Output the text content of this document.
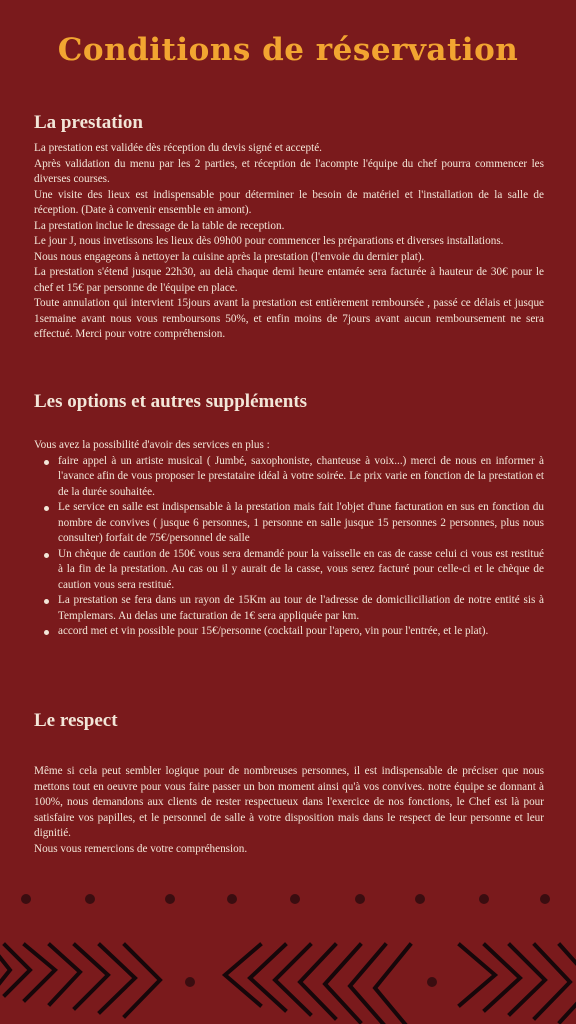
Conditions de réservation
La prestation

La prestation est validée dès réception du devis signé et accepté.

Après validation du menu par les 2 parties, et réception de l'acompte l'équipe du chef pourra commencer les diverses courses.

Une visite des lieux est indispensable pour déterminer le besoin de matériel et l'installation de la salle de réception. (Date à convenir ensemble en amont).

La prestation inclue le dressage de la table de reception.

Le jour J, nous invetissons les lieux dès 09h00 pour commencer les préparations et diverses installations.

Nous nous engageons à nettoyer la cuisine après la prestation (l'envoie du dernier plat).

La prestation s'étend jusque 22h30, au delà chaque demi heure entamée sera facturée à hauteur de 30€ pour le chef et 15€ par personne de l'équipe en place.

Toute annulation qui intervient 15jours avant la prestation est entièrement remboursée , passé ce délais et jusque 1semaine avant nous vous remboursons 50%, et enfin moins de 7jours avant aucun remboursement ne sera effectué. Merci pour votre compréhension.

Les options et autres suppléments

Vous avez la possibilité d'avoir des services en plus :

faire appel à un artiste musical ( Jumbé, saxophoniste, chanteuse à voix...) merci de nous en informer à l'avance afin de vous proposer le prestataire idéal à votre soirée. Le prix varie en fonction de la prestation et de la durée souhaitée.
Le service en salle est indispensable à la prestation mais fait l'objet d'une facturation en sus en fonction du nombre de convives ( jusque 6 personnes, 1 personne en salle jusque 15 personnes 2 personnes, plus nous consulter) forfait de 75€/personnel de salle
Un chèque de caution de 150€ vous sera demandé pour la vaisselle en cas de casse celui ci vous est restitué à la fin de la prestation. Au cas ou il y aurait de la casse, vous serez facturé pour celle-ci et le chèque de caution vous sera restitué.
La prestation se fera dans un rayon de 15Km au tour de l'adresse de domiciliciliation de notre entité sis à Templemars. Au delas une facturation de 1€ sera appliquée par km.
accord met et vin possible pour 15€/personne (cocktail pour l'apero, vin pour l'entrée, et le plat).
Le respect

Même si cela peut sembler logique pour de nombreuses personnes, il est indispensable de préciser que nous mettons tout en oeuvre pour vous faire passer un bon moment ainsi qu'à vos convives. notre équipe se donnant à 100%, nous demandons aux clients de rester respectueux dans l'exercice de nos fonctions, le Chef est là pour satisfaire vos papilles, et le personnel de salle à votre disposition mais dans le respect de leur personne et leur dignitié.

Nous vous remercions de votre compréhension.
